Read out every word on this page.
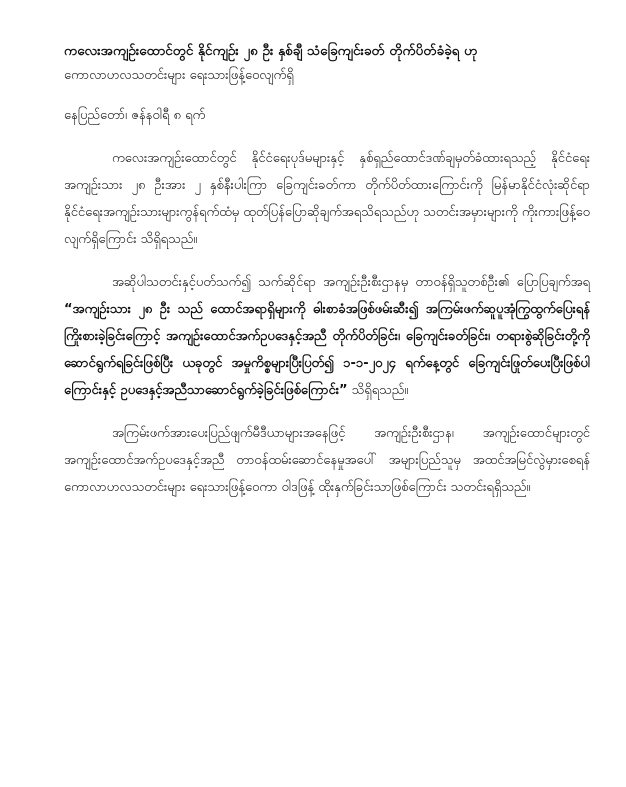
ကလေးအကျဉ်းထောင်တွင် နိုင်ကျဉ်း ၂၈ ဦး နှစ်ချီ သံခြေကျင်းခတ် တိုက်ပိတ်ခံခဲ့ရ ဟု

ကောလာဟလသတင်းများ ရေးသားဖြန့်ဝေလျက်ရှိ

နေပြည်တော်၊ ဇန်နဝါရီ ၈ ရက်

ကလေးအကျဉ်းထောင်တွင် နိုင်ငံရေးပုဒ်မများနှင့် နှစ်ရှည်ထောင်ဒဏ်ချမှတ်ခံထားရသည့် နိုင်ငံရေးအကျဉ်းသား ၂၈ ဦးအား ၂ နှစ်နီးပါးကြာ ခြေကျင်းခတ်ကာ တိုက်ပိတ်ထားကြောင်းကို မြန်မာနိုင်ငံလုံးဆိုင်ရာ နိုင်ငံရေးအကျဉ်းသားများကွန်ရက်ထံမှ ထုတ်ပြန်ပြောဆိုချက်အရသိရသည်ဟု သတင်းအမှားများကို ကိုးကားဖြန့်ဝေလျက်ရှိကြောင်း သိရှိရသည်။

အဆိုပါသတင်းနှင့်ပတ်သက်၍ သက်ဆိုင်ရာ အကျဉ်းဦးစီးဌာနမှ တာဝန်ရှိသူတစ်ဦး၏ ပြောပြချက်အရ “အကျဉ်းသား ၂၈ ဦး သည် ထောင်အရာရှိများကို ဓါးစာခံအဖြစ်ဖမ်းဆီး၍ အကြမ်းဖက်ဆူပူအုံကြွထွက်ပြေးရန် ကြိုးစားခဲ့ခြင်းကြောင့် အကျဉ်းထောင်အက်ဥပဒေနှင့်အညီ တိုက်ပိတ်ခြင်း၊ ခြေကျင်းခတ်ခြင်း၊ တရားစွဲဆိုခြင်းတို့ကိုဆောင်ရွက်ရခြင်းဖြစ်ပြီး ယခုတွင် အမှုကိစ္စများပြီးပြတ်၍ ၁-၁-၂၀၂၄ ရက်နေ့တွင် ခြေကျင်းဖြုတ်ပေးပြီးဖြစ်ပါကြောင်းနှင့် ဥပဒေနှင့်အညီသာဆောင်ရွက်ခဲ့ခြင်းဖြစ်ကြောင်း” သိရှိရသည်။

အကြမ်းဖက်အားပေးပြည်ဖျက်မီဒီယာများအနေဖြင့် အကျဉ်းဦးစီးဌာန၊ အကျဉ်းထောင်များတွင် အကျဉ်းထောင်အက်ဥပဒေနှင့်အညီ တာဝန်ထမ်းဆောင်နေမှုအပေါ် အများပြည်သူမှ အထင်အမြင်လွဲမှားစေရန် ကောလာဟလသတင်းများ ရေးသားဖြန့်ဝေကာ ဝါဒဖြန့် ထိုးနှက်ခြင်းသာဖြစ်ကြောင်း သတင်းရရှိသည်။
